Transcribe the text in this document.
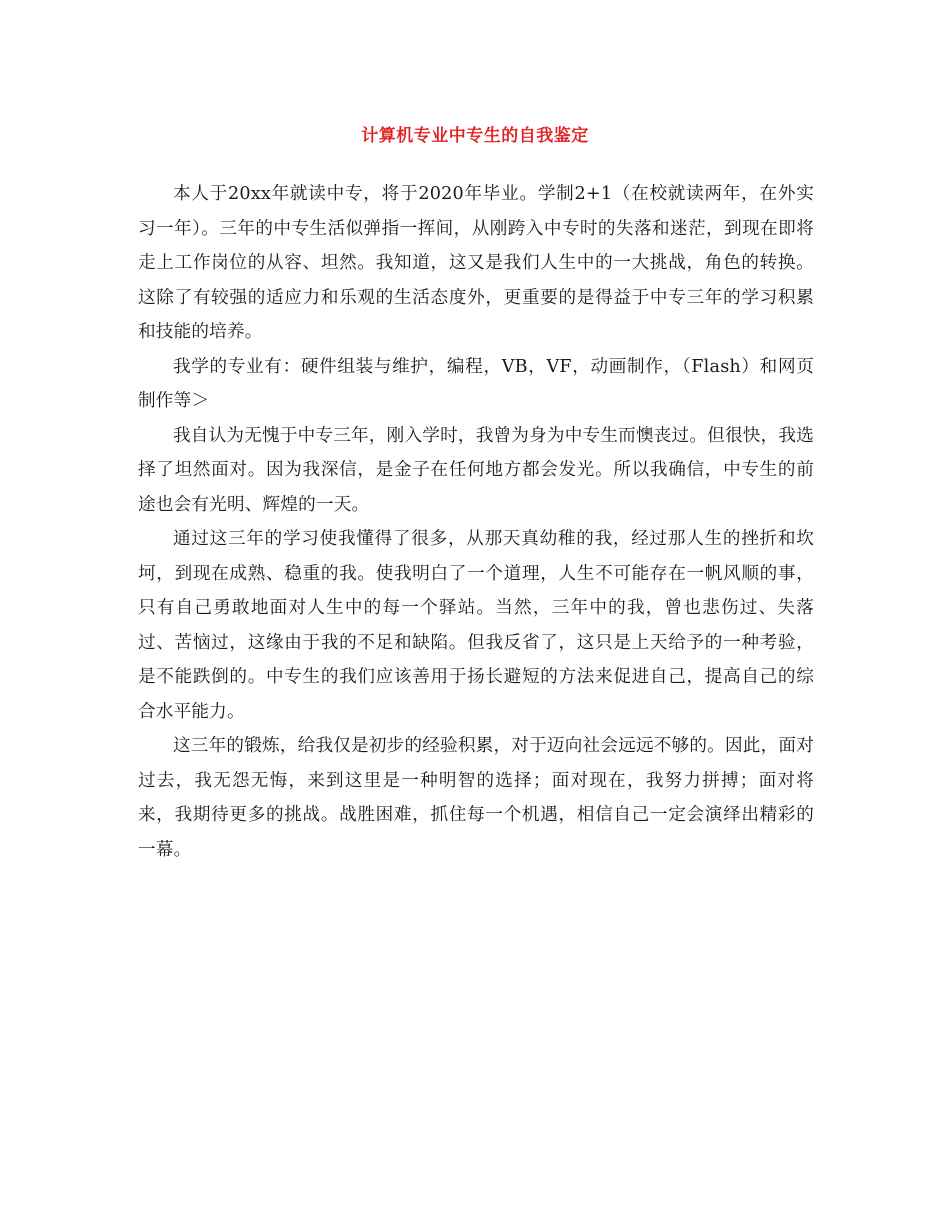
计算机专业中专生的自我鉴定

本人于20xx年就读中专，将于2020年毕业。学制2+1（在校就读两年，在外实习一年）。三年的中专生活似弹指一挥间，从刚跨入中专时的失落和迷茫，到现在即将走上工作岗位的从容、坦然。我知道，这又是我们人生中的一大挑战，角色的转换。这除了有较强的适应力和乐观的生活态度外，更重要的是得益于中专三年的学习积累和技能的培养。

我学的专业有：硬件组装与维护，编程，VB，VF，动画制作，（Flash）和网页制作等＞

我自认为无愧于中专三年，刚入学时，我曾为身为中专生而懊丧过。但很快，我选择了坦然面对。因为我深信，是金子在任何地方都会发光。所以我确信，中专生的前途也会有光明、辉煌的一天。

通过这三年的学习使我懂得了很多，从那天真幼稚的我，经过那人生的挫折和坎坷，到现在成熟、稳重的我。使我明白了一个道理，人生不可能存在一帆风顺的事，只有自己勇敢地面对人生中的每一个驿站。当然，三年中的我，曾也悲伤过、失落过、苦恼过，这缘由于我的不足和缺陷。但我反省了，这只是上天给予的一种考验，是不能跌倒的。中专生的我们应该善用于扬长避短的方法来促进自己，提高自己的综合水平能力。

这三年的锻炼，给我仅是初步的经验积累，对于迈向社会远远不够的。因此，面对过去，我无怨无悔，来到这里是一种明智的选择；面对现在，我努力拼搏；面对将来，我期待更多的挑战。战胜困难，抓住每一个机遇，相信自己一定会演绎出精彩的一幕。
